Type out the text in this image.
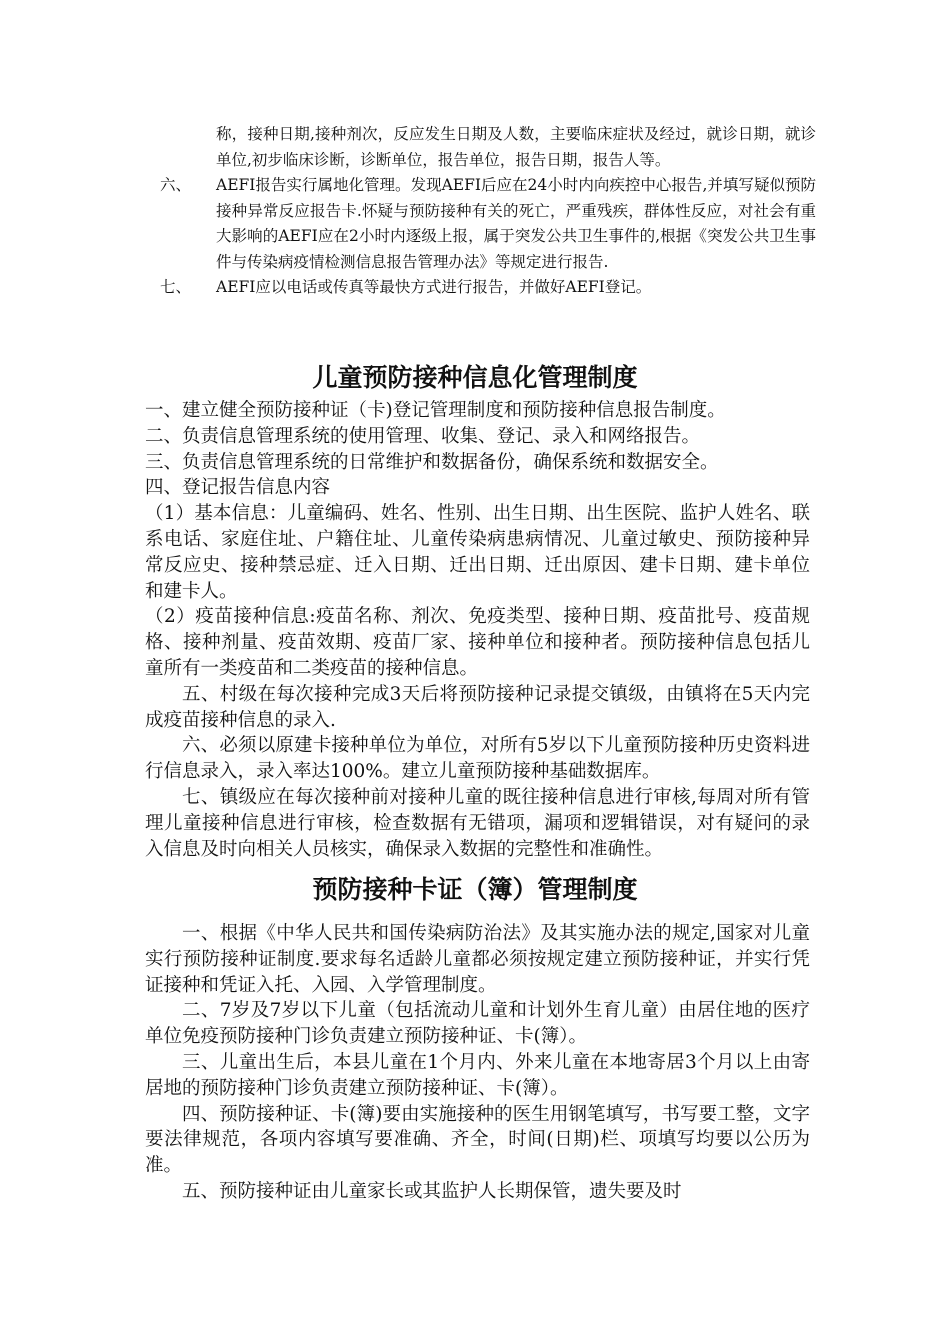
称，接种日期,接种剂次，反应发生日期及人数，主要临床症状及经过，就诊日期，就诊单位,初步临床诊断，诊断单位，报告单位，报告日期，报告人等。
六、	AEFI报告实行属地化管理。发现AEFI后应在24小时内向疾控中心报告,并填写疑似预防接种异常反应报告卡.怀疑与预防接种有关的死亡，严重残疾，群体性反应，对社会有重大影响的AEFI应在2小时内逐级上报，属于突发公共卫生事件的,根据《突发公共卫生事件与传染病疫情检测信息报告管理办法》等规定进行报告.
七、	AEFI应以电话或传真等最快方式进行报告，并做好AEFI登记。
儿童预防接种信息化管理制度

一、建立健全预防接种证（卡)登记管理制度和预防接种信息报告制度。

二、负责信息管理系统的使用管理、收集、登记、录入和网络报告。

三、负责信息管理系统的日常维护和数据备份，确保系统和数据安全。

四、登记报告信息内容

（1）基本信息：儿童编码、姓名、性别、出生日期、出生医院、监护人姓名、联系电话、家庭住址、户籍住址、儿童传染病患病情况、儿童过敏史、预防接种异常反应史、接种禁忌症、迁入日期、迁出日期、迁出原因、建卡日期、建卡单位和建卡人。

（2）疫苗接种信息:疫苗名称、剂次、免疫类型、接种日期、疫苗批号、疫苗规格、接种剂量、疫苗效期、疫苗厂家、接种单位和接种者。预防接种信息包括儿童所有一类疫苗和二类疫苗的接种信息。

五、村级在每次接种完成3天后将预防接种记录提交镇级，由镇将在5天内完成疫苗接种信息的录入.

六、必须以原建卡接种单位为单位，对所有5岁以下儿童预防接种历史资料进行信息录入，录入率达100%。建立儿童预防接种基础数据库。

七、镇级应在每次接种前对接种儿童的既往接种信息进行审核,每周对所有管理儿童接种信息进行审核，检查数据有无错项，漏项和逻辑错误，对有疑问的录入信息及时向相关人员核实，确保录入数据的完整性和准确性。

预防接种卡证（簿）管理制度

一、根据《中华人民共和国传染病防治法》及其实施办法的规定,国家对儿童实行预防接种证制度.要求每名适龄儿童都必须按规定建立预防接种证，并实行凭证接种和凭证入托、入园、入学管理制度。

二、7岁及7岁以下儿童（包括流动儿童和计划外生育儿童）由居住地的医疗单位免疫预防接种门诊负责建立预防接种证、卡(簿）。

三、儿童出生后，本县儿童在1个月内、外来儿童在本地寄居3个月以上由寄居地的预防接种门诊负责建立预防接种证、卡(簿）。

四、预防接种证、卡(簿)要由实施接种的医生用钢笔填写，书写要工整，文字要法律规范，各项内容填写要准确、齐全，时间(日期)栏、项填写均要以公历为准。

五、预防接种证由儿童家长或其监护人长期保管，遗失要及时
